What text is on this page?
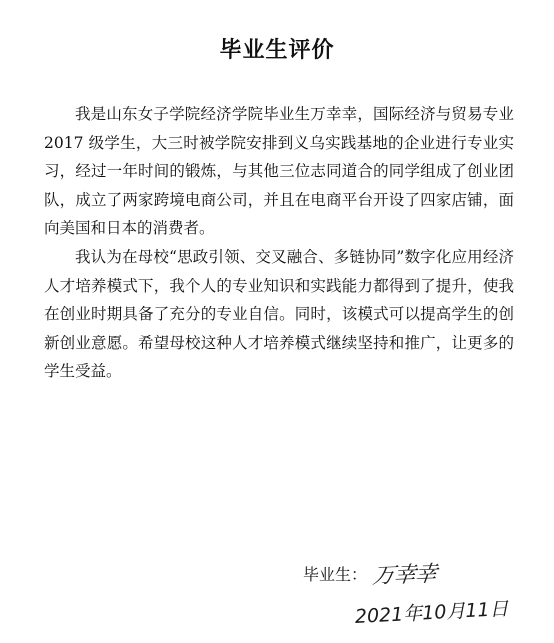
毕业生评价

我是山东女子学院经济学院毕业生万幸幸，国际经济与贸易专业 2017 级学生，大三时被学院安排到义乌实践基地的企业进行专业实习，经过一年时间的锻炼，与其他三位志同道合的同学组成了创业团队，成立了两家跨境电商公司，并且在电商平台开设了四家店铺，面向美国和日本的消费者。

我认为在母校“思政引领、交叉融合、多链协同”数字化应用经济人才培养模式下，我个人的专业知识和实践能力都得到了提升，使我在创业时期具备了充分的专业自信。同时，该模式可以提高学生的创新创业意愿。希望母校这种人才培养模式继续坚持和推广，让更多的学生受益。

毕业生： 万幸幸
2021年10月11日
